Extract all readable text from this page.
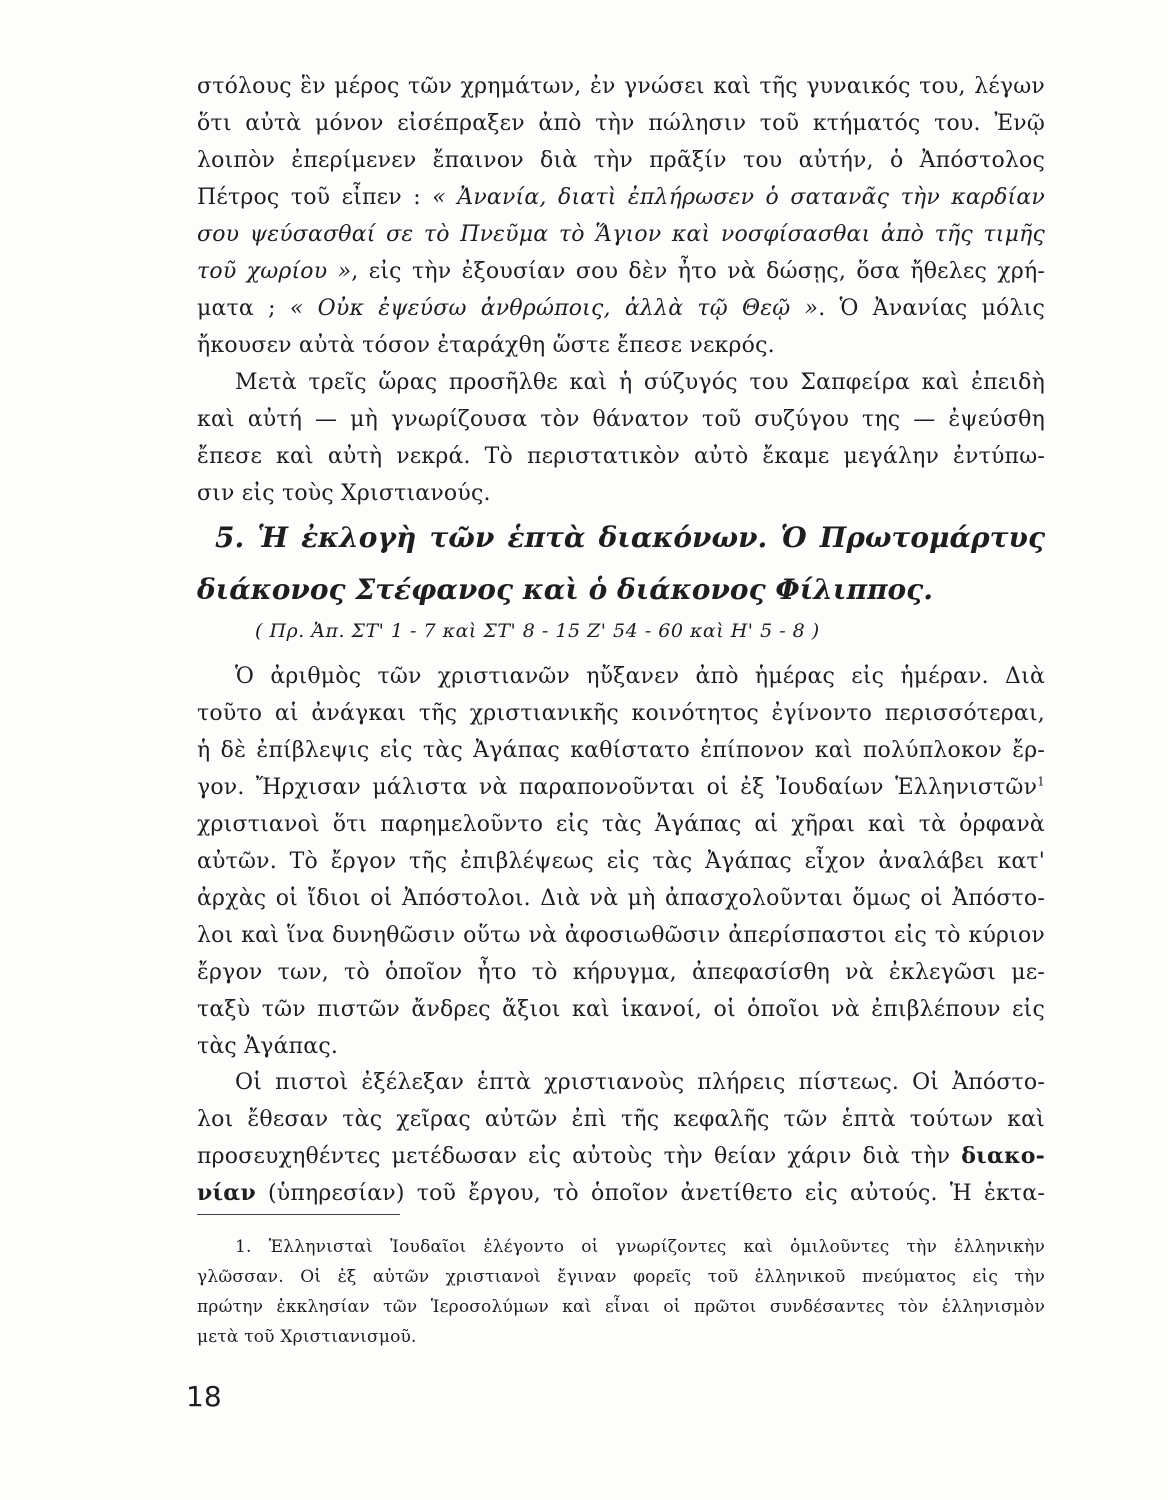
στόλους ἓν μέρος τῶν χρημάτων, ἐν γνώσει καὶ τῆς γυναικός του, λέγων

ὅτι αὐτὰ μόνον εἰσέπραξεν ἀπὸ τὴν πώλησιν τοῦ κτήματός του. Ἐνῷ

λοιπὸν ἐπερίμενεν ἔπαινον διὰ τὴν πρᾶξίν του αὐτήν, ὁ Ἀπόστολος

Πέτρος τοῦ εἶπεν : « Ἀνανία, διατὶ ἐπλήρωσεν ὁ σατανᾶς τὴν καρδίαν

σου ψεύσασθαί σε τὸ Πνεῦμα τὸ Ἅγιον καὶ νοσφίσασθαι ἀπὸ τῆς τιμῆς

τοῦ χωρίου », εἰς τὴν ἐξουσίαν σου δὲν ἦτο νὰ δώσῃς, ὅσα ἤθελες χρή-

ματα ; « Οὐκ ἐψεύσω ἀνθρώποις, ἀλλὰ τῷ Θεῷ ». Ὁ Ἀνανίας μόλις

ἤκουσεν αὐτὰ τόσον ἐταράχθη ὥστε ἔπεσε νεκρός.

Μετὰ τρεῖς ὥρας προσῆλθε καὶ ἡ σύζυγός του Σαπφείρα καὶ ἐπειδὴ

καὶ αὐτή — μὴ γνωρίζουσα τὸν θάνατον τοῦ συζύγου της — ἐψεύσθη

ἔπεσε καὶ αὐτὴ νεκρά. Τὸ περιστατικὸν αὐτὸ ἔκαμε μεγάλην ἐντύπω-

σιν εἰς τοὺς Χριστιανούς.

5. Ἡ ἐκλογὴ τῶν ἑπτὰ διακόνων. Ὁ Πρωτομάρτυς

διάκονος Στέφανος καὶ ὁ διάκονος Φίλιππος.

( Πρ. Ἀπ. ΣΤ' 1 - 7 καὶ ΣΤ' 8 - 15 Ζ' 54 - 60 καὶ Η' 5 - 8 )

Ὁ ἀριθμὸς τῶν χριστιανῶν ηὔξανεν ἀπὸ ἡμέρας εἰς ἡμέραν. Διὰ

τοῦτο αἱ ἀνάγκαι τῆς χριστιανικῆς κοινότητος ἐγίνοντο περισσότεραι,

ἡ δὲ ἐπίβλεψις εἰς τὰς Ἀγάπας καθίστατο ἐπίπονον καὶ πολύπλοκον ἔρ-

γον. Ἤρχισαν μάλιστα νὰ παραπονοῦνται οἱ ἐξ Ἰουδαίων Ἑλληνιστῶν$^1$

χριστιανοὶ ὅτι παρημελοῦντο εἰς τὰς Ἀγάπας αἱ χῆραι καὶ τὰ ὀρφανὰ

αὐτῶν. Τὸ ἔργον τῆς ἐπιβλέψεως εἰς τὰς Ἀγάπας εἶχον ἀναλάβει κατ'

ἀρχὰς οἱ ἴδιοι οἱ Ἀπόστολοι. Διὰ νὰ μὴ ἀπασχολοῦνται ὅμως οἱ Ἀπόστο-

λοι καὶ ἵνα δυνηθῶσιν οὕτω νὰ ἀφοσιωθῶσιν ἀπερίσπαστοι εἰς τὸ κύριον

ἔργον των, τὸ ὁποῖον ἦτο τὸ κήρυγμα, ἀπεφασίσθη νὰ ἐκλεγῶσι με-

ταξὺ τῶν πιστῶν ἄνδρες ἄξιοι καὶ ἱκανοί, οἱ ὁποῖοι νὰ ἐπιβλέπουν εἰς

τὰς Ἀγάπας.

Οἱ πιστοὶ ἐξέλεξαν ἑπτὰ χριστιανοὺς πλήρεις πίστεως. Οἱ Ἀπόστο-

λοι ἔθεσαν τὰς χεῖρας αὐτῶν ἐπὶ τῆς κεφαλῆς τῶν ἑπτὰ τούτων καὶ

προσευχηθέντες μετέδωσαν εἰς αὐτοὺς τὴν θείαν χάριν διὰ τὴν διακο-

νίαν (ὑπηρεσίαν) τοῦ ἔργου, τὸ ὁποῖον ἀνετίθετο εἰς αὐτούς. Ἡ ἑκτα-

1. Ἑλληνισταὶ Ἰουδαῖοι ἐλέγοντο οἱ γνωρίζοντες καὶ ὁμιλοῦντες τὴν ἑλληνικὴν

γλῶσσαν. Οἱ ἐξ αὐτῶν χριστιανοὶ ἔγιναν φορεῖς τοῦ ἑλληνικοῦ πνεύματος εἰς τὴν

πρώτην ἐκκλησίαν τῶν Ἱεροσολύμων καὶ εἶναι οἱ πρῶτοι συνδέσαντες τὸν ἑλληνισμὸν

μετὰ τοῦ Χριστιανισμοῦ.

18
